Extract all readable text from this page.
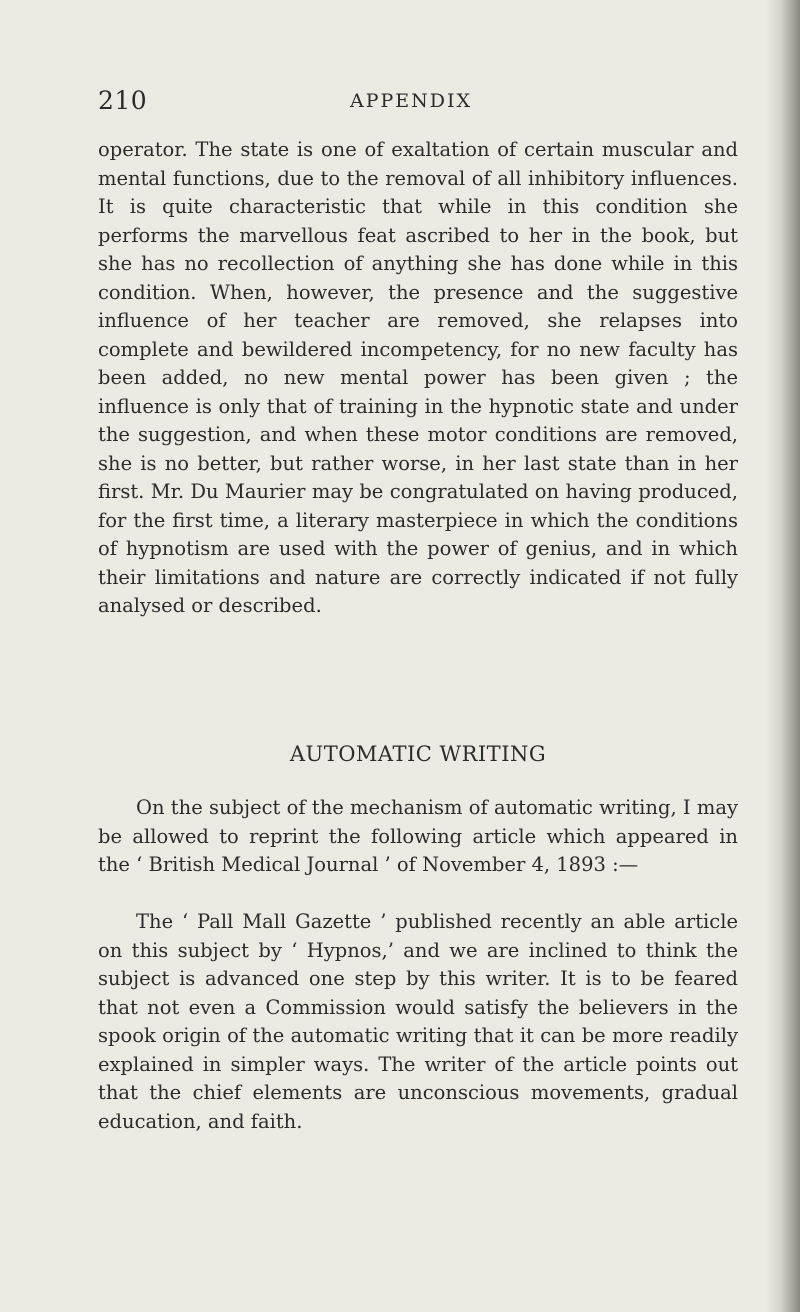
210	APPENDIX

operator. The state is one of exaltation of certain muscular and mental functions, due to the removal of all inhibitory influences. It is quite characteristic that while in this condition she performs the marvellous feat ascribed to her in the book, but she has no recollection of anything she has done while in this condition. When, however, the presence and the suggestive influence of her teacher are removed, she relapses into complete and bewildered incompetency, for no new faculty has been added, no new mental power has been given ; the influence is only that of training in the hypnotic state and under the suggestion, and when these motor conditions are removed, she is no better, but rather worse, in her last state than in her first. Mr. Du Maurier may be congratulated on having produced, for the first time, a literary masterpiece in which the conditions of hypnotism are used with the power of genius, and in which their limitations and nature are correctly indicated if not fully analysed or described.

AUTOMATIC WRITING

On the subject of the mechanism of automatic writing, I may be allowed to reprint the following article which appeared in the ‘ British Medical Journal ’ of November 4, 1893 :—

The ‘ Pall Mall Gazette ’ published recently an able article on this subject by ‘ Hypnos,’ and we are inclined to think the subject is advanced one step by this writer. It is to be feared that not even a Commission would satisfy the believers in the spook origin of the automatic writing that it can be more readily explained in simpler ways. The writer of the article points out that the chief elements are unconscious movements, gradual education, and faith.
